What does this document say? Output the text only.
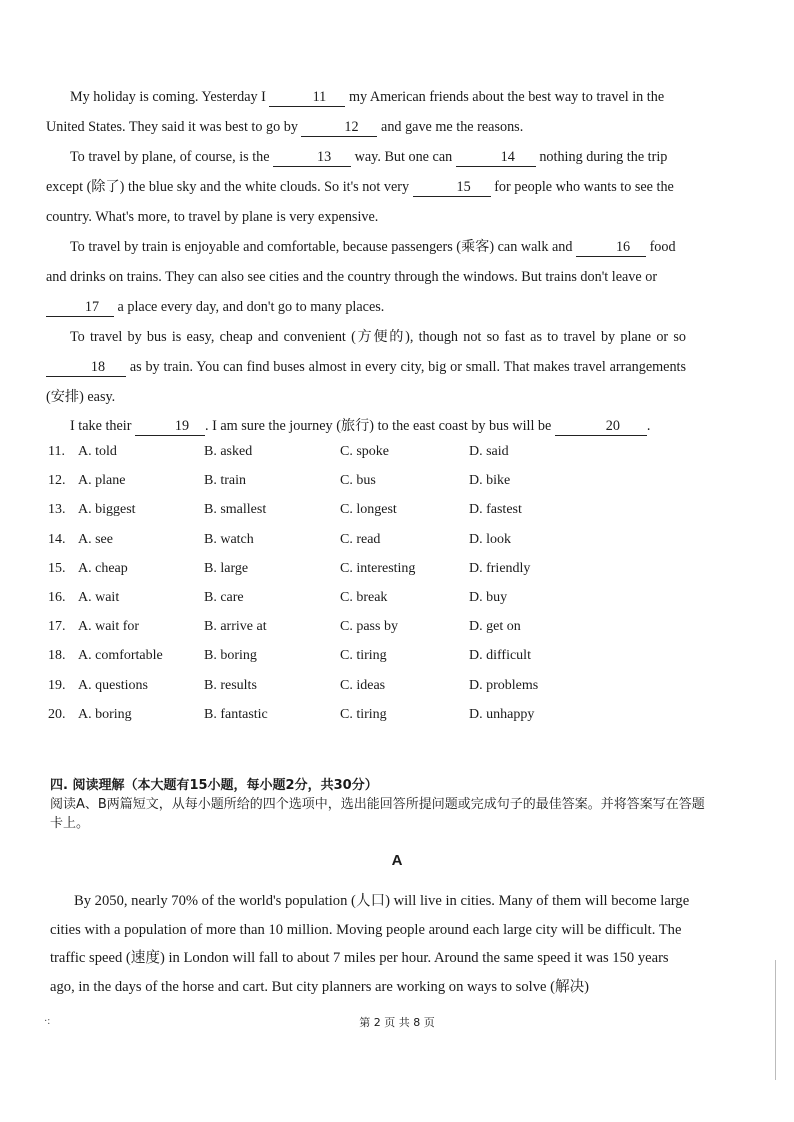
My holiday is coming. Yesterday I	11 my American friends about the best way to travel in the United States. They said it was best to go by	12 and gave me the reasons.
To travel by plane, of course, is the	13 way. But one can	14 nothing during the trip except (除了) the blue sky and the white clouds. So it's not very	15 for people who wants to see the country. What's more, to travel by plane is very expensive.
To travel by train is enjoyable and comfortable, because passengers (乘客) can walk and	16 food and drinks on trains. They can also see cities and the country through the windows. But trains don't leave or 17 a place every day, and don't go to many places.
To travel by bus is easy, cheap and convenient (方便的), though not so fast as to travel by plane or so 18 as by train. You can find buses almost in every city, big or small. That makes travel arrangements (安排) easy.
I take their	19 . I am sure the journey (旅行) to the east coast by bus will be	20 .
11. A. told	B. asked	C. spoke	D. said
12. A. plane	B. train	C. bus	D. bike
13. A. biggest	B. smallest	C. longest	D. fastest
14. A. see	B. watch	C. read	D. look
15. A. cheap	B. large	C. interesting	D. friendly
16. A. wait	B. care	C. break	D. buy
17. A. wait for	B. arrive at	C. pass by	D. get on
18. A. comfortable	B. boring	C. tiring	D. difficult
19. A. questions	B. results	C. ideas	D. problems
20. A. boring	B. fantastic	C. tiring	D. unhappy
四. 阅读理解（本大题有15小题，每小题2分，共30分）
阅读A、B两篇短文，从每小题所给的四个选项中，选出能回答所提问题或完成句子的最佳答案。并将答案写在答题卡上。
A
By 2050, nearly 70% of the world's population (人口) will live in cities. Many of them will become large cities with a population of more than 10 million. Moving people around each large city will be difficult. The traffic speed (速度) in London will fall to about 7 miles per hour. Around the same speed it was 150 years ago, in the days of the horse and cart. But city planners are working on ways to solve (解决)
·:	第 2 页 共 8 页
